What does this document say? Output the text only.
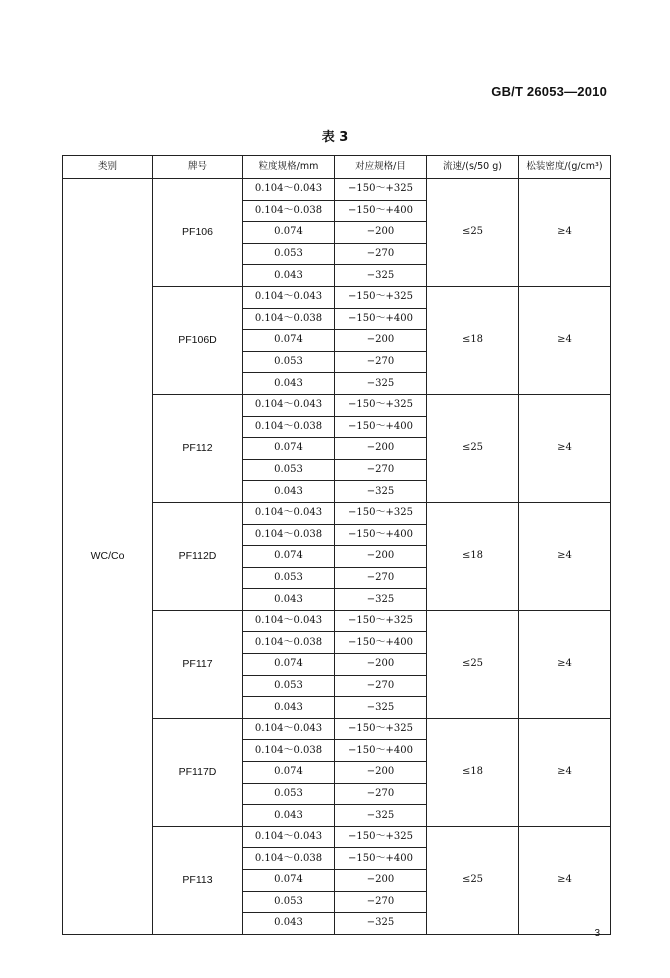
GB/T 26053—2010
表 3
类别	牌号	粒度规格/mm	对应规格/目	流速/(s/50 g)	松装密度/(g/cm³)
WC/Co	PF106	0.104～0.043	−150～+325	≤25	≥4
		0.104～0.038	−150～+400		
		0.074	−200		
		0.053	−270		
		0.043	−325		
	PF106D	0.104～0.043	−150～+325	≤18	≥4
		0.104～0.038	−150～+400		
		0.074	−200		
		0.053	−270		
		0.043	−325		
	PF112	0.104～0.043	−150～+325	≤25	≥4
		0.104～0.038	−150～+400		
		0.074	−200		
		0.053	−270		
		0.043	−325		
	PF112D	0.104～0.043	−150～+325	≤18	≥4
		0.104～0.038	−150～+400		
		0.074	−200		
		0.053	−270		
		0.043	−325		
	PF117	0.104～0.043	−150～+325	≤25	≥4
		0.104～0.038	−150～+400		
		0.074	−200		
		0.053	−270		
		0.043	−325		
	PF117D	0.104～0.043	−150～+325	≤18	≥4
		0.104～0.038	−150～+400		
		0.074	−200		
		0.053	−270		
		0.043	−325		
	PF113	0.104～0.043	−150～+325	≤25	≥4
		0.104～0.038	−150～+400		
		0.074	−200		
		0.053	−270		
		0.043	−325		
3
